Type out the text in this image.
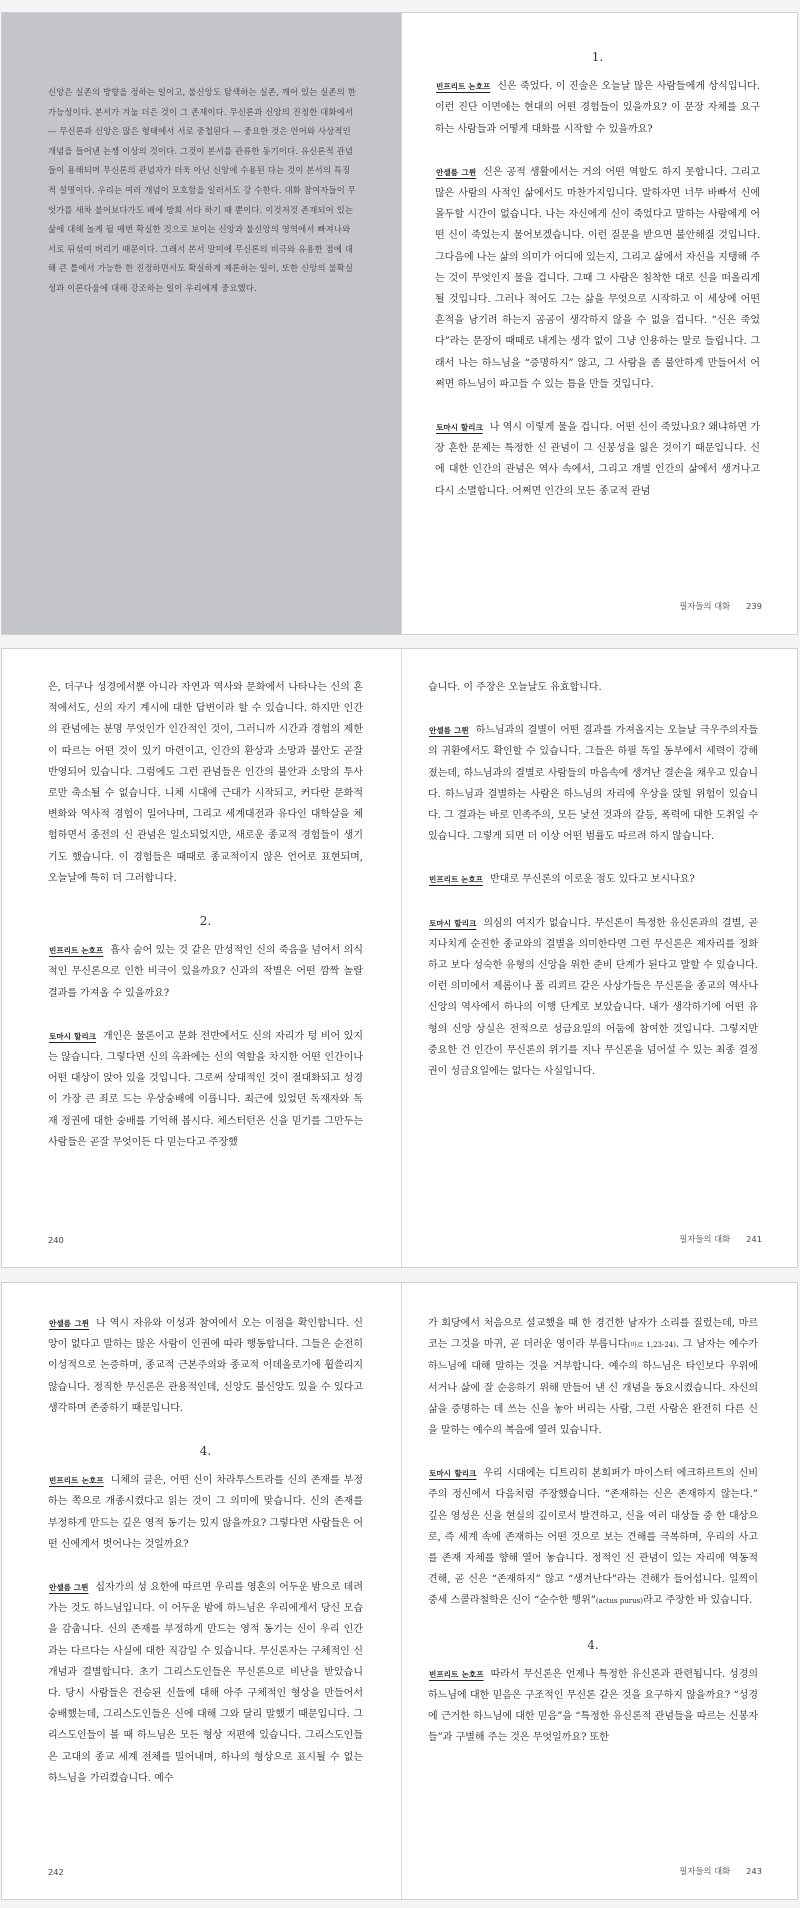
신앙은 실존의 방향을 정하는 일이고, 불신앙도 탐색하는 실존, 깨어 있는 실존의 한 가능성이다. 본서가 겨눌 더은 것이 그 존재이다. 무신론과 신앙의 진정한 대화에서 — 무신론과 신앙은 많은 형태에서 서로 중첩된다 — 중요한 것은 언어와 사상적인 개념을 들어낸 논쟁 이상의 것이다. 그것이 본서를 관류한 동기이다. 유신론적 관념들이 용해되며 무신론의 관념자가 더욱 아닌 신앙에 수용된 다는 것이 본서의 특징적 설명이다. 우리는 여러 개념이 모호함을 일러서도 강 수한다. 대화 참여자들이 무엇가를 새차 불어보다가도 배에 방희 서다 하기 때 뿐이다. 이것저것 존재되어 있는 삶에 대해 놀게 될 매번 확실한 것으로 보이는 신앙과 불신앙의 영역에서 빠져나와 서로 뒤섞여 버리기 때문이다. 그래서 본서 말미에 무신론의 비극와 유용한 점에 대해 큰 틀에서 가능한 한 진정하면서도 확실하게 제론하는 일이, 또한 신앙의 불확실성과 이론다움에 대해 강조하는 일이 우리에게 중요했다.
1.

빈프리트 논호프 신은 죽었다. 이 진술은 오늘날 많은 사람들에게 상식입니다. 이런 진단 이면에는 현대의 어떤 경험들이 있을까요? 이 문장 자체를 요구하는 사람들과 어떻게 대화를 시작할 수 있을까요?

안셀름 그륀 신은 공적 생활에서는 거의 어떤 역할도 하지 못합니다. 그리고 많은 사람의 사적인 삶에서도 마찬가지입니다. 말하자면 너무 바빠서 신에 몰두할 시간이 없습니다. 나는 자신에게 신이 죽었다고 말하는 사람에게 어떤 신이 죽었는지 물어보겠습니다. 이런 질문을 받으면 불안해질 것입니다. 그다음에 나는 삶의 의미가 어디에 있는지, 그리고 삶에서 자신을 지탱해 주는 것이 무엇인지 물을 겁니다. 그때 그 사람은 침착한 대로 신을 떠올리게 될 것입니다. 그러나 적어도 그는 삶을 무엇으로 시작하고 이 세상에 어떤 흔적을 남기려 하는지 곰곰이 생각하지 않을 수 없을 겁니다. “신은 죽었다”라는 문장이 때때로 내게는 생각 없이 그냥 인용하는 말로 들립니다. 그래서 나는 하느님을 “증명하지” 않고, 그 사람을 좀 불안하게 만들어서 어쩌면 하느님이 파고들 수 있는 틈을 만들 것입니다.

토마시 할리크 나 역시 이렇게 물을 겁니다. 어떤 신이 죽었나요? 왜냐하면 가장 흔한 문제는 특정한 신 관념이 그 신봉성을 잃은 것이기 때문입니다. 신에 대한 인간의 관념은 역사 속에서, 그리고 개별 인간의 삶에서 생겨나고 다시 소멸합니다. 어쩌면 인간의 모든 종교적 관념

필자들의 대화 239

은, 더구나 성경에서뿐 아니라 자연과 역사와 문화에서 나타나는 신의 흔적에서도, 신의 자기 계시에 대한 답변이라 할 수 있습니다. 하지만 인간의 관념에는 분명 무엇인가 인간적인 것이, 그러니까 시간과 경험의 제한이 따르는 어떤 것이 있기 마련이고, 인간의 환상과 소망과 불안도 곧잘 반영되어 있습니다. 그럼에도 그런 관념들은 인간의 불안과 소망의 투사로만 축소될 수 없습니다. 니체 시대에 근대가 시작되고, 커다란 문화적 변화와 역사적 경험이 일어나며, 그리고 세계대전과 유다인 대학살을 체험하면서 종전의 신 관념은 일소되었지만, 새로운 종교적 경험들이 생기기도 했습니다. 이 경험들은 때때로 종교적이지 않은 언어로 표현되며, 오늘날에 특히 더 그러합니다.

2.

빈프리트 논호프 흡사 숨어 있는 것 같은 만성적인 신의 죽음을 넘어서 의식적인 무신론으로 인한 비극이 있을까요? 신과의 작별은 어떤 깜짝 놀랄 결과를 가져올 수 있을까요?

토마시 할리크 개인은 물론이고 문화 전반에서도 신의 자리가 텅 비어 있지는 않습니다. 그렇다면 신의 옥좌에는 신의 역할을 차지한 어떤 인간이나 어떤 대상이 앉아 있을 것입니다. 그로써 상대적인 것이 절대화되고 성경이 가장 큰 죄로 드는 우상숭배에 이릅니다. 최근에 있었던 독재자와 독재 정권에 대한 숭배를 기억해 봅시다. 체스터턴은 신을 믿기를 그만두는 사람들은 곧잘 무엇이든 다 믿는다고 주장했

240

습니다. 이 주장은 오늘날도 유효합니다.

안셀름 그륀 하느님과의 결별이 어떤 결과를 가져올지는 오늘날 극우주의자들의 귀환에서도 확인할 수 있습니다. 그들은 하필 독일 동부에서 세력이 강해졌는데, 하느님과의 결별로 사람들의 마음속에 생겨난 결손을 채우고 있습니다. 하느님과 결별하는 사람은 하느님의 자리에 우상을 앉힐 위험이 있습니다. 그 결과는 바로 민족주의, 모든 낯선 것과의 갈등, 폭력에 대한 도취일 수 있습니다. 그렇게 되면 더 이상 어떤 범률도 따르려 하지 않습니다.

빈프리트 논호프 반대로 무신론의 이로운 점도 있다고 보시나요?

토마시 할리크 의심의 여지가 없습니다. 무신론이 특정한 유신론과의 결별, 곧 지나치게 순진한 종교와의 결별을 의미한다면 그런 무신론은 제자리를 정화하고 보다 성숙한 유형의 신앙을 위한 준비 단계가 된다고 말할 수 있습니다. 이런 의미에서 제롬이나 폴 리쾨르 같은 사상가들은 무신론을 종교의 역사나 신앙의 역사에서 하나의 이행 단계로 보았습니다. 내가 생각하기에 어떤 유형의 신앙 상실은 전적으로 성급요일의 어둠에 참여한 것입니다. 그렇지만 중요한 건 인간이 무신론의 위기를 지나 무신론을 넘어설 수 있는 최종 결정권이 성금요일에는 없다는 사실입니다.

필자들의 대화 241

안셀름 그륀 나 역시 자유와 이성과 참여에서 오는 이점을 확인합니다. 신앙이 없다고 말하는 많은 사람이 인권에 따라 행동합니다. 그들은 순전히 이성적으로 논증하며, 종교적 근본주의와 종교적 이데올로기에 휩쓸리지 않습니다. 정직한 무신론은 관용적인데, 신앙도 불신앙도 있을 수 있다고 생각하며 존중하기 때문입니다.

4.

빈프리트 논호프 니체의 글은, 어떤 신이 차라투스트라를 신의 존재를 부정하는 쪽으로 개종시켰다고 읽는 것이 그 의미에 맞습니다. 신의 존재를 부정하게 만드는 깊은 영적 동기는 있지 않을까요? 그렇다면 사람들은 어떤 신에게서 벗어나는 것일까요?

안셀름 그륀 십자가의 성 요한에 따르면 우리를 영혼의 어두운 밤으로 데려가는 것도 하느님입니다. 이 어두운 밤에 하느님은 우리에게서 당신 모습을 감춥니다. 신의 존재를 부정하게 만드는 영적 동기는 신이 우리 인간과는 다르다는 사실에 대한 직감일 수 있습니다. 무신론자는 구체적인 신 개념과 결별합니다. 초기 그리스도인들은 무신론으로 비난을 받았습니다. 당시 사람들은 전승된 신들에 대해 아주 구체적인 형상을 만들어서 숭배했는데, 그리스도인들은 신에 대해 그와 달리 말했기 때문입니다. 그리스도인들이 볼 때 하느님은 모든 형상 저편에 있습니다. 그리스도인들은 고대의 종교 세계 전체를 밀어내며, 하나의 형상으로 표시될 수 없는 하느님을 가리켰습니다. 예수

242

가 회당에서 처음으로 설교했을 때 한 경건한 남자가 소리를 질렀는데, 마르코는 그것을 마귀, 곧 더러운 영이라 부릅니다(마르 1,23-24). 그 남자는 예수가 하느님에 대해 말하는 것을 거부합니다. 예수의 하느님은 타인보다 우위에 서거나 삶에 잘 순응하기 위해 만들어 낸 신 개념을 동요시켰습니다. 자신의 삶을 증명하는 데 쓰는 신을 놓아 버리는 사람, 그런 사람은 완전히 다른 신을 말하는 예수의 복음에 열려 있습니다.

토마시 할리크 우리 시대에는 디트리히 본회퍼가 마이스터 에크하르트의 신비주의 정신에서 다음처럼 주장했습니다. “존재하는 신은 존재하지 않는다.” 깊은 영성은 신을 현실의 깊이로서 발견하고, 신을 여러 대상들 중 한 대상으로, 즉 세계 속에 존재하는 어떤 것으로 보는 견해를 극복하며, 우리의 사고를 존재 자체를 향해 열어 놓습니다. 정적인 신 관념이 있는 자리에 역동적 견해, 곧 신은 “존재하지” 않고 “생겨난다”라는 견해가 들어섭니다. 일찍이 중세 스콜라철학은 신이 “순수한 행위”(actus purus)라고 주장한 바 있습니다.

4.

빈프리트 논호프 따라서 무신론은 언제나 특정한 유신론과 관련됩니다. 성경의 하느님에 대한 믿음은 구조적인 무신론 같은 것을 요구하지 않을까요? “성경에 근거한 하느님에 대한 믿음”을 “특정한 유신론적 관념들을 따르는 신봉자들”과 구별해 주는 것은 무엇일까요? 또한

필자들의 대화 243
